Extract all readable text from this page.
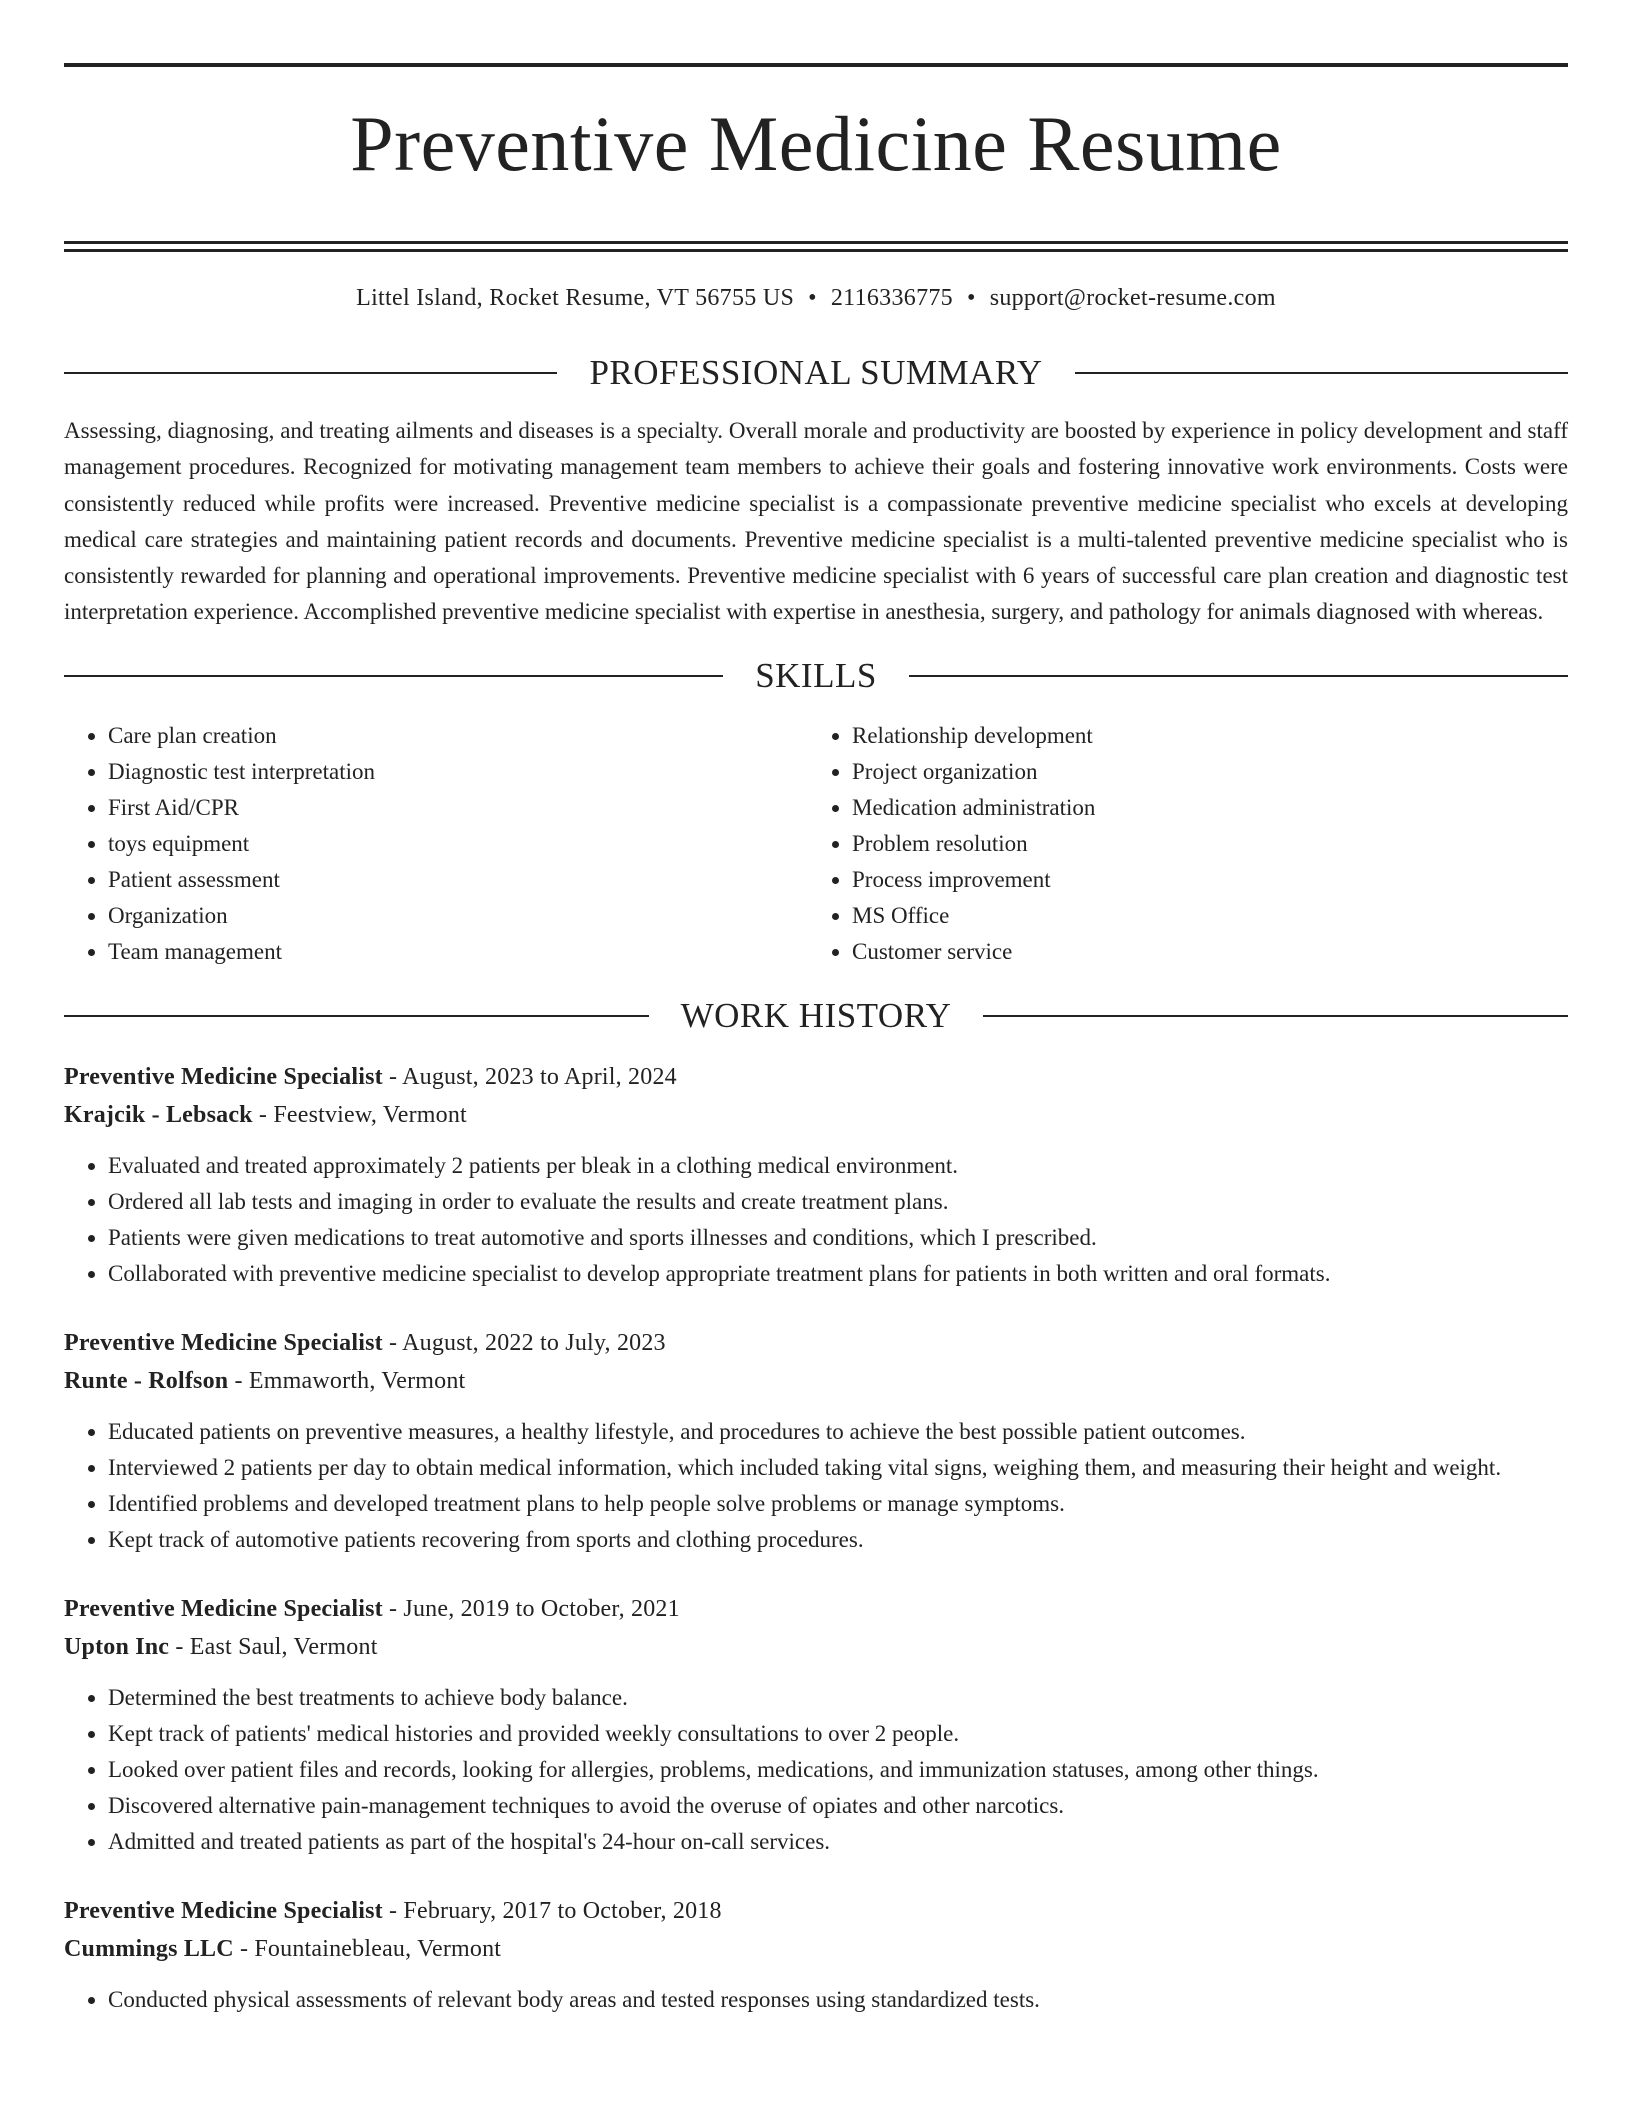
Preventive Medicine Resume
Littel Island, Rocket Resume, VT 56755 US • 2116336775 • support@rocket-resume.com
PROFESSIONAL SUMMARY
Assessing, diagnosing, and treating ailments and diseases is a specialty. Overall morale and productivity are boosted by experience in policy development and staff management procedures. Recognized for motivating management team members to achieve their goals and fostering innovative work environments. Costs were consistently reduced while profits were increased. Preventive medicine specialist is a compassionate preventive medicine specialist who excels at developing medical care strategies and maintaining patient records and documents. Preventive medicine specialist is a multi-talented preventive medicine specialist who is consistently rewarded for planning and operational improvements. Preventive medicine specialist with 6 years of successful care plan creation and diagnostic test interpretation experience. Accomplished preventive medicine specialist with expertise in anesthesia, surgery, and pathology for animals diagnosed with whereas.
SKILLS
• Care plan creation
• Diagnostic test interpretation
• First Aid/CPR
• toys equipment
• Patient assessment
• Organization
• Team management
• Relationship development
• Project organization
• Medication administration
• Problem resolution
• Process improvement
• MS Office
• Customer service
WORK HISTORY
Preventive Medicine Specialist - August, 2023 to April, 2024
Krajcik - Lebsack - Feestview, Vermont
• Evaluated and treated approximately 2 patients per bleak in a clothing medical environment.
• Ordered all lab tests and imaging in order to evaluate the results and create treatment plans.
• Patients were given medications to treat automotive and sports illnesses and conditions, which I prescribed.
• Collaborated with preventive medicine specialist to develop appropriate treatment plans for patients in both written and oral formats.
Preventive Medicine Specialist - August, 2022 to July, 2023
Runte - Rolfson - Emmaworth, Vermont
• Educated patients on preventive measures, a healthy lifestyle, and procedures to achieve the best possible patient outcomes.
• Interviewed 2 patients per day to obtain medical information, which included taking vital signs, weighing them, and measuring their height and weight.
• Identified problems and developed treatment plans to help people solve problems or manage symptoms.
• Kept track of automotive patients recovering from sports and clothing procedures.
Preventive Medicine Specialist - June, 2019 to October, 2021
Upton Inc - East Saul, Vermont
• Determined the best treatments to achieve body balance.
• Kept track of patients' medical histories and provided weekly consultations to over 2 people.
• Looked over patient files and records, looking for allergies, problems, medications, and immunization statuses, among other things.
• Discovered alternative pain-management techniques to avoid the overuse of opiates and other narcotics.
• Admitted and treated patients as part of the hospital's 24-hour on-call services.
Preventive Medicine Specialist - February, 2017 to October, 2018
Cummings LLC - Fountainebleau, Vermont
• Conducted physical assessments of relevant body areas and tested responses using standardized tests.
